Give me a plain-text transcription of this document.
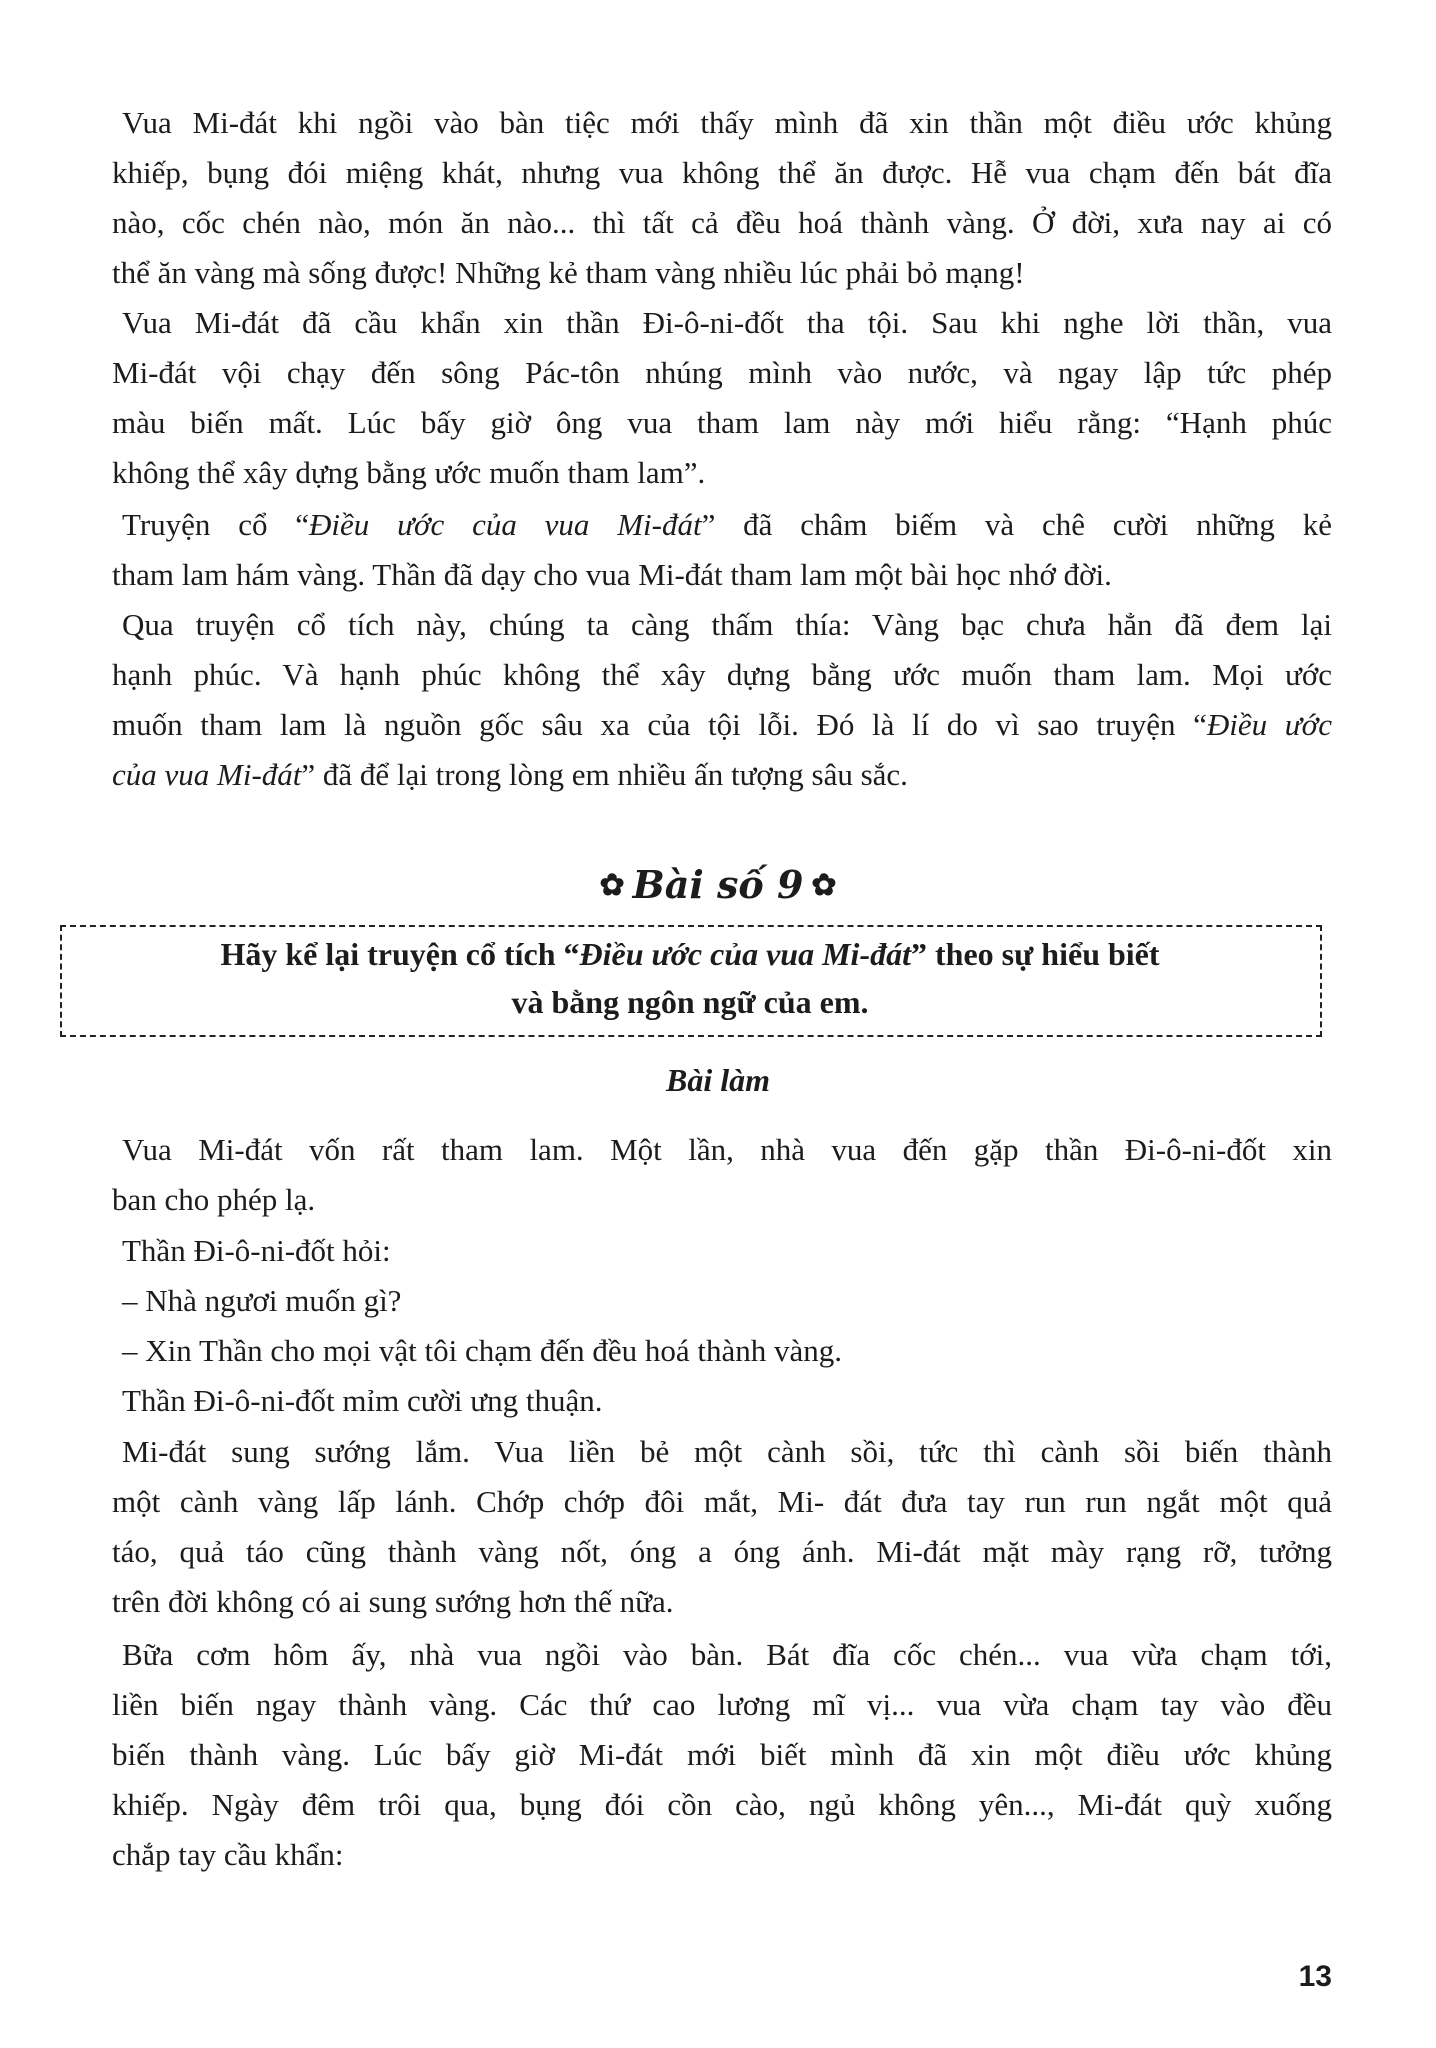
Vua Mi-đát khi ngồi vào bàn tiệc mới thấy mình đã xin thần một điều ước khủng
khiếp, bụng đói miệng khát, nhưng vua không thể ăn được. Hễ vua chạm đến bát đĩa
nào, cốc chén nào, món ăn nào... thì tất cả đều hoá thành vàng. Ở đời, xưa nay ai có
thể ăn vàng mà sống được! Những kẻ tham vàng nhiều lúc phải bỏ mạng!
Vua Mi-đát đã cầu khẩn xin thần Đi-ô-ni-đốt tha tội. Sau khi nghe lời thần, vua
Mi-đát vội chạy đến sông Pác-tôn nhúng mình vào nước, và ngay lập tức phép
màu biến mất. Lúc bấy giờ ông vua tham lam này mới hiểu rằng: “Hạnh phúc
không thể xây dựng bằng ước muốn tham lam”.
Truyện cổ “Điều ước của vua Mi-đát” đã châm biếm và chê cười những kẻ
tham lam hám vàng. Thần đã dạy cho vua Mi-đát tham lam một bài học nhớ đời.
Qua truyện cổ tích này, chúng ta càng thấm thía: Vàng bạc chưa hẳn đã đem lại
hạnh phúc. Và hạnh phúc không thể xây dựng bằng ước muốn tham lam. Mọi ước
muốn tham lam là nguồn gốc sâu xa của tội lỗi. Đó là lí do vì sao truyện “Điều ước
của vua Mi-đát” đã để lại trong lòng em nhiều ấn tượng sâu sắc.
✿ Bài số 9 ✿
Hãy kể lại truyện cổ tích “Điều ước của vua Mi-đát” theo sự hiểu biết
và bằng ngôn ngữ của em.
Bài làm
Vua Mi-đát vốn rất tham lam. Một lần, nhà vua đến gặp thần Đi-ô-ni-đốt xin
ban cho phép lạ.

Thần Đi-ô-ni-đốt hỏi:

– Nhà ngươi muốn gì?

– Xin Thần cho mọi vật tôi chạm đến đều hoá thành vàng.

Thần Đi-ô-ni-đốt mỉm cười ưng thuận.

Mi-đát sung sướng lắm. Vua liền bẻ một cành sồi, tức thì cành sồi biến thành
một cành vàng lấp lánh. Chớp chớp đôi mắt, Mi- đát đưa tay run run ngắt một quả
táo, quả táo cũng thành vàng nốt, óng a óng ánh. Mi-đát mặt mày rạng rỡ, tưởng
trên đời không có ai sung sướng hơn thế nữa.
Bữa cơm hôm ấy, nhà vua ngồi vào bàn. Bát đĩa cốc chén... vua vừa chạm tới,
liền biến ngay thành vàng. Các thứ cao lương mĩ vị... vua vừa chạm tay vào đều
biến thành vàng. Lúc bấy giờ Mi-đát mới biết mình đã xin một điều ước khủng
khiếp. Ngày đêm trôi qua, bụng đói cồn cào, ngủ không yên..., Mi-đát quỳ xuống
chắp tay cầu khẩn:
13
